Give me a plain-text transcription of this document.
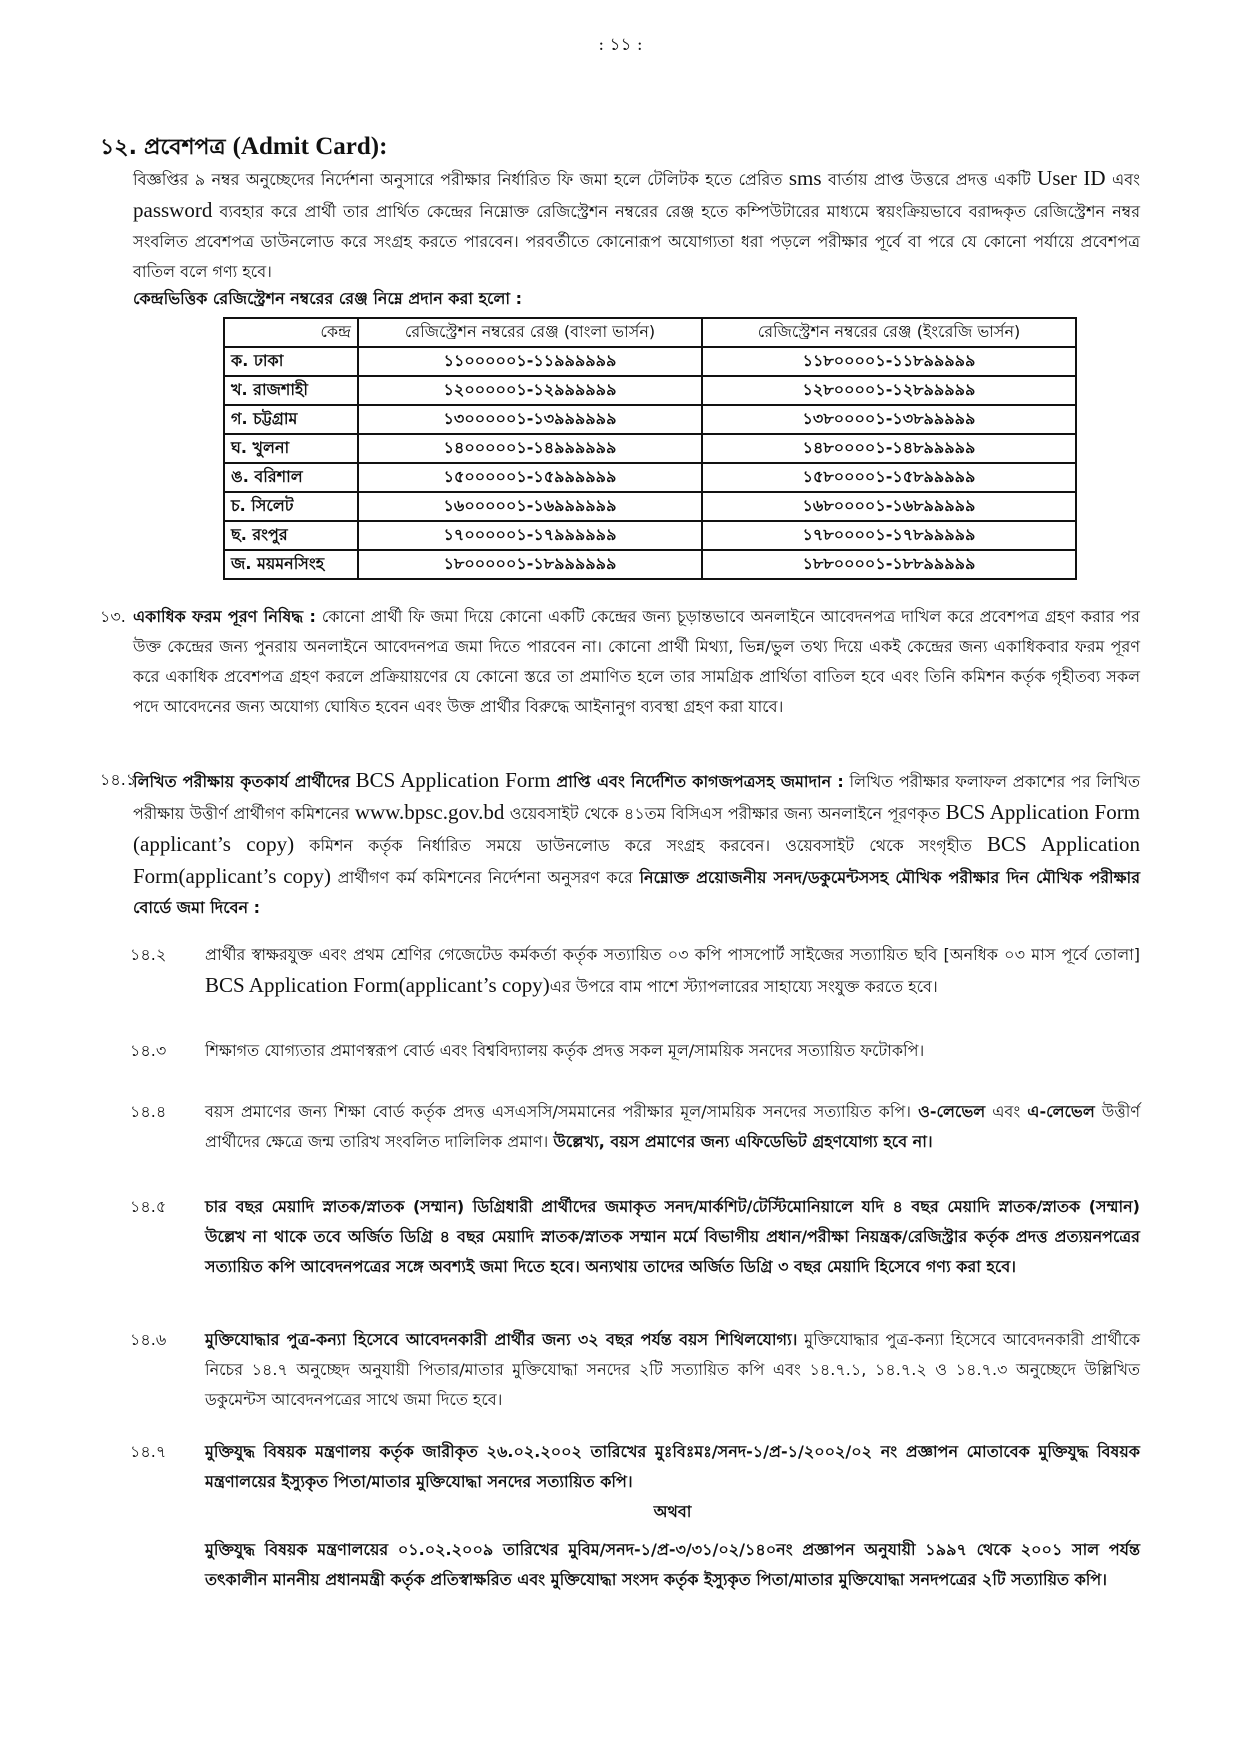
: ১১ :
১২. প্রবেশপত্র (Admit Card):
বিজ্ঞপ্তির ৯ নম্বর অনুচ্ছেদের নির্দেশনা অনুসারে পরীক্ষার নির্ধারিত ফি জমা হলে টেলিটক হতে প্রেরিত sms বার্তায় প্রাপ্ত উত্তরে প্রদত্ত একটি User ID এবং password ব্যবহার করে প্রার্থী তার প্রার্থিত কেন্দ্রের নিম্নোক্ত রেজিস্ট্রেশন নম্বরের রেঞ্জ হতে কম্পিউটারের মাধ্যমে স্বয়ংক্রিয়ভাবে বরাদ্দকৃত রেজিস্ট্রেশন নম্বর সংবলিত প্রবেশপত্র ডাউনলোড করে সংগ্রহ করতে পারবেন। পরবর্তীতে কোনোরূপ অযোগ্যতা ধরা পড়লে পরীক্ষার পূর্বে বা পরে যে কোনো পর্যায়ে প্রবেশপত্র বাতিল বলে গণ্য হবে।
কেন্দ্রভিত্তিক রেজিস্ট্রেশন নম্বরের রেঞ্জ নিম্নে প্রদান করা হলো :
কেন্দ্র	রেজিস্ট্রেশন নম্বরের রেঞ্জ (বাংলা ভার্সন)	রেজিস্ট্রেশন নম্বরের রেঞ্জ (ইংরেজি ভার্সন)
ক. ঢাকা	১১০০০০০১-১১৯৯৯৯৯৯	১১৮০০০০১-১১৮৯৯৯৯৯
খ. রাজশাহী	১২০০০০০১-১২৯৯৯৯৯৯	১২৮০০০০১-১২৮৯৯৯৯৯
গ. চট্টগ্রাম	১৩০০০০০১-১৩৯৯৯৯৯৯	১৩৮০০০০১-১৩৮৯৯৯৯৯
ঘ. খুলনা	১৪০০০০০১-১৪৯৯৯৯৯৯	১৪৮০০০০১-১৪৮৯৯৯৯৯
ঙ. বরিশাল	১৫০০০০০১-১৫৯৯৯৯৯৯	১৫৮০০০০১-১৫৮৯৯৯৯৯
চ. সিলেট	১৬০০০০০১-১৬৯৯৯৯৯৯	১৬৮০০০০১-১৬৮৯৯৯৯৯
ছ. রংপুর	১৭০০০০০১-১৭৯৯৯৯৯৯	১৭৮০০০০১-১৭৮৯৯৯৯৯
জ. ময়মনসিংহ	১৮০০০০০১-১৮৯৯৯৯৯৯	১৮৮০০০০১-১৮৮৯৯৯৯৯
১৩. একাধিক ফরম পূরণ নিষিদ্ধ : কোনো প্রার্থী ফি জমা দিয়ে কোনো একটি কেন্দ্রের জন্য চূড়ান্তভাবে অনলাইনে আবেদনপত্র দাখিল করে প্রবেশপত্র গ্রহণ করার পর উক্ত কেন্দ্রের জন্য পুনরায় অনলাইনে আবেদনপত্র জমা দিতে পারবেন না। কোনো প্রার্থী মিথ্যা, ভিন্ন/ভুল তথ্য দিয়ে একই কেন্দ্রের জন্য একাধিকবার ফরম পূরণ করে একাধিক প্রবেশপত্র গ্রহণ করলে প্রক্রিয়ায়ণের যে কোনো স্তরে তা প্রমাণিত হলে তার সামগ্রিক প্রার্থিতা বাতিল হবে এবং তিনি কমিশন কর্তৃক গৃহীতব্য সকল পদে আবেদনের জন্য অযোগ্য ঘোষিত হবেন এবং উক্ত প্রার্থীর বিরুদ্ধে আইনানুগ ব্যবস্থা গ্রহণ করা যাবে।
১৪.১
লিখিত পরীক্ষায় কৃতকার্য প্রার্থীদের BCS Application Form প্রাপ্তি এবং নির্দেশিত কাগজপত্রসহ জমাদান : লিখিত পরীক্ষার ফলাফল প্রকাশের পর লিখিত পরীক্ষায় উত্তীর্ণ প্রার্থীগণ কমিশনের www.bpsc.gov.bd ওয়েবসাইট থেকে ৪১তম বিসিএস পরীক্ষার জন্য অনলাইনে পূরণকৃত BCS Application Form (applicant’s copy) কমিশন কর্তৃক নির্ধারিত সময়ে ডাউনলোড করে সংগ্রহ করবেন। ওয়েবসাইট থেকে সংগৃহীত BCS Application Form(applicant’s copy) প্রার্থীগণ কর্ম কমিশনের নির্দেশনা অনুসরণ করে নিম্নোক্ত প্রয়োজনীয় সনদ/ডকুমেন্টসসহ মৌখিক পরীক্ষার দিন মৌখিক পরীক্ষার বোর্ডে জমা দিবেন :
১৪.২ প্রার্থীর স্বাক্ষরযুক্ত এবং প্রথম শ্রেণির গেজেটেড কর্মকর্তা কর্তৃক সত্যায়িত ০৩ কপি পাসপোর্ট সাইজের সত্যায়িত ছবি [অনধিক ০৩ মাস পূর্বে তোলা] BCS Application Form(applicant’s copy)এর উপরে বাম পাশে স্ট্যাপলারের সাহায্যে সংযুক্ত করতে হবে।
১৪.৩ শিক্ষাগত যোগ্যতার প্রমাণস্বরূপ বোর্ড এবং বিশ্ববিদ্যালয় কর্তৃক প্রদত্ত সকল মূল/সাময়িক সনদের সত্যায়িত ফটোকপি।
১৪.৪ বয়স প্রমাণের জন্য শিক্ষা বোর্ড কর্তৃক প্রদত্ত এসএসসি/সমমানের পরীক্ষার মূল/সাময়িক সনদের সত্যায়িত কপি। ও-লেভেল এবং এ-লেভেল উত্তীর্ণ প্রার্থীদের ক্ষেত্রে জন্ম তারিখ সংবলিত দালিলিক প্রমাণ। উল্লেখ্য, বয়স প্রমাণের জন্য এফিডেভিট গ্রহণযোগ্য হবে না।
১৪.৫ চার বছর মেয়াদি স্নাতক/স্নাতক (সম্মান) ডিগ্রিধারী প্রার্থীদের জমাকৃত সনদ/মার্কশিট/টেস্টিমোনিয়ালে যদি ৪ বছর মেয়াদি স্নাতক/স্নাতক (সম্মান) উল্লেখ না থাকে তবে অর্জিত ডিগ্রি ৪ বছর মেয়াদি স্নাতক/স্নাতক সম্মান মর্মে বিভাগীয় প্রধান/পরীক্ষা নিয়ন্ত্রক/রেজিস্ট্রার কর্তৃক প্রদত্ত প্রত্যয়নপত্রের সত্যায়িত কপি আবেদনপত্রের সঙ্গে অবশ্যই জমা দিতে হবে। অন্যথায় তাদের অর্জিত ডিগ্রি ৩ বছর মেয়াদি হিসেবে গণ্য করা হবে।
১৪.৬ মুক্তিযোদ্ধার পুত্র-কন্যা হিসেবে আবেদনকারী প্রার্থীর জন্য ৩২ বছর পর্যন্ত বয়স শিথিলযোগ্য। মুক্তিযোদ্ধার পুত্র-কন্যা হিসেবে আবেদনকারী প্রার্থীকে নিচের ১৪.৭ অনুচ্ছেদ অনুযায়ী পিতার/মাতার মুক্তিযোদ্ধা সনদের ২টি সত্যায়িত কপি এবং ১৪.৭.১, ১৪.৭.২ ও ১৪.৭.৩ অনুচ্ছেদে উল্লিখিত ডকুমেন্টস আবেদনপত্রের সাথে জমা দিতে হবে।
১৪.৭ মুক্তিযুদ্ধ বিষয়ক মন্ত্রণালয় কর্তৃক জারীকৃত ২৬.০২.২০০২ তারিখের মুঃবিঃমঃ/সনদ-১/প্র-১/২০০২/০২ নং প্রজ্ঞাপন মোতাবেক মুক্তিযুদ্ধ বিষয়ক মন্ত্রণালয়ের ইস্যুকৃত পিতা/মাতার মুক্তিযোদ্ধা সনদের সত্যায়িত কপি।
অথবা
মুক্তিযুদ্ধ বিষয়ক মন্ত্রণালয়ের ০১.০২.২০০৯ তারিখের মুবিম/সনদ-১/প্র-৩/৩১/০২/১৪০নং প্রজ্ঞাপন অনুযায়ী ১৯৯৭ থেকে ২০০১ সাল পর্যন্ত তৎকালীন মাননীয় প্রধানমন্ত্রী কর্তৃক প্রতিস্বাক্ষরিত এবং মুক্তিযোদ্ধা সংসদ কর্তৃক ইস্যুকৃত পিতা/মাতার মুক্তিযোদ্ধা সনদপত্রের ২টি সত্যায়িত কপি।
